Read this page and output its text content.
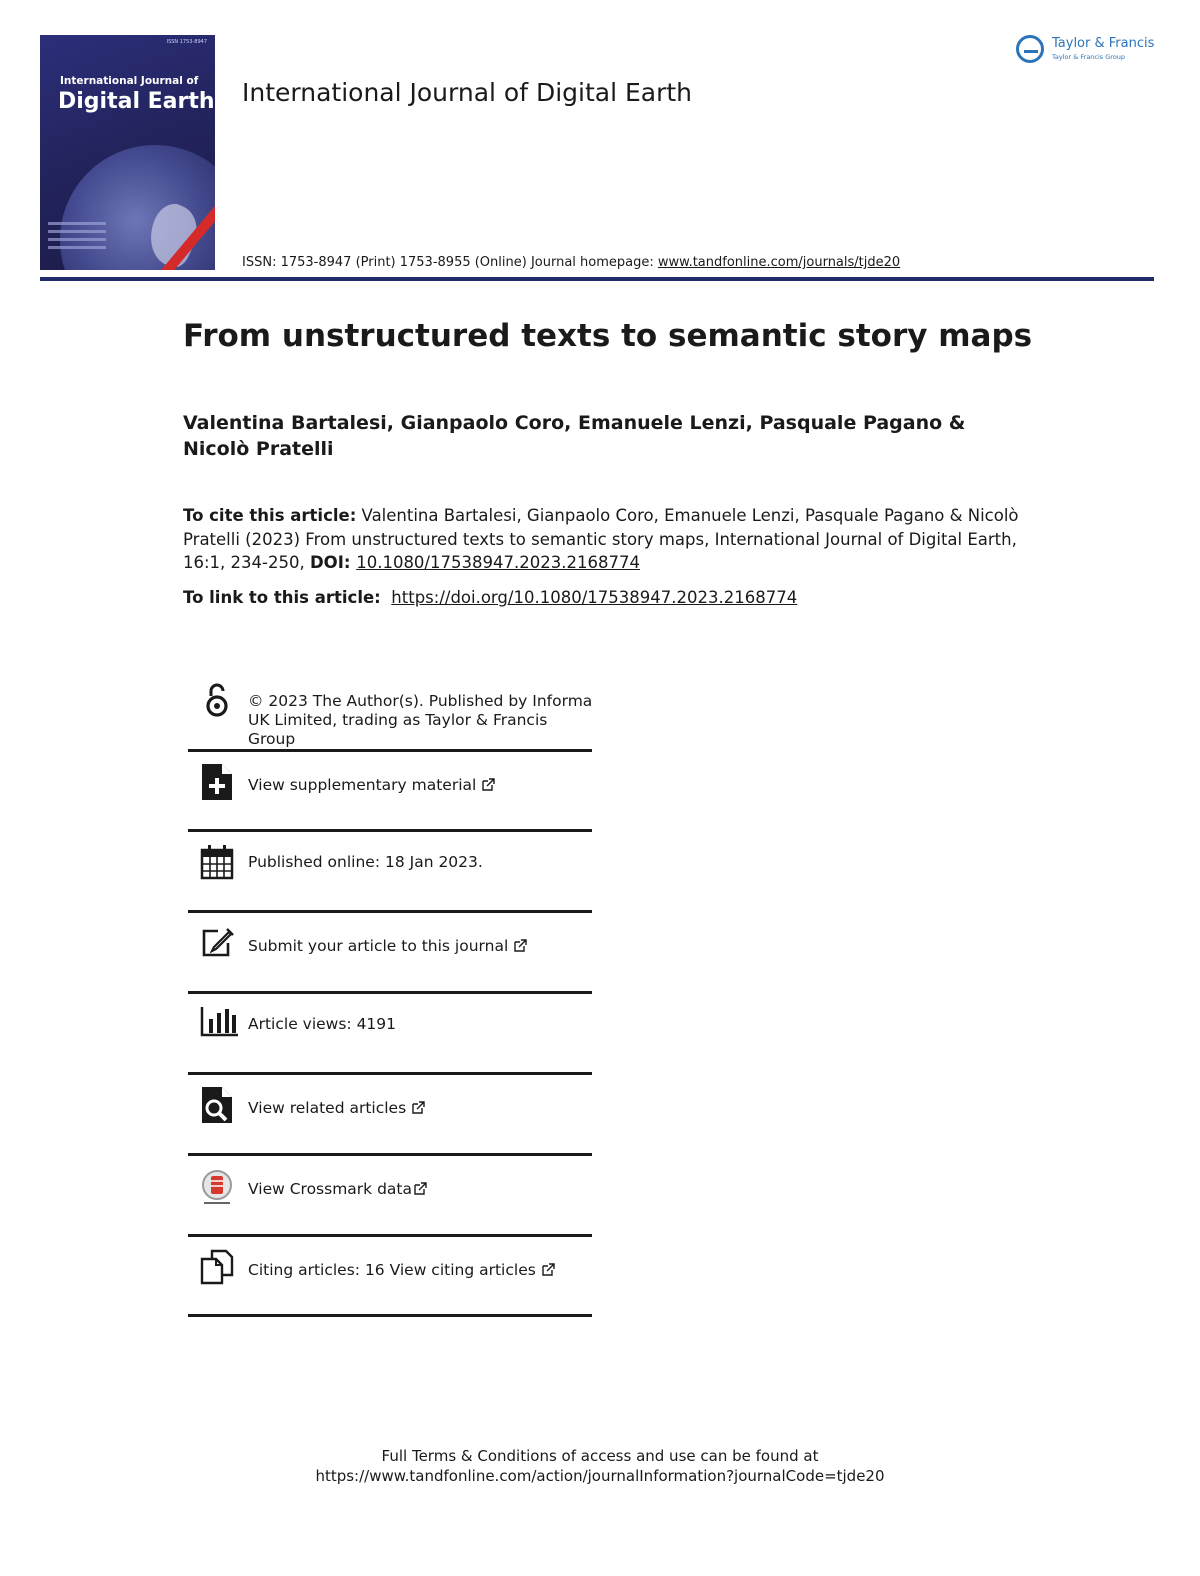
ISSN 1753-8947
International Journal of
Digital Earth International Journal of Digital Earth
Taylor & Francis
Taylor & Francis Group
ISSN: 1753-8947 (Print) 1753-8955 (Online) Journal homepage: www.tandfonline.com/journals/tjde20
From unstructured texts to semantic story maps
Valentina Bartalesi, Gianpaolo Coro, Emanuele Lenzi, Pasquale Pagano & Nicolò Pratelli
To cite this article: Valentina Bartalesi, Gianpaolo Coro, Emanuele Lenzi, Pasquale Pagano & Nicolò Pratelli (2023) From unstructured texts to semantic story maps, International Journal of Digital Earth, 16:1, 234-250, DOI: 10.1080/17538947.2023.2168774
To link to this article: https://doi.org/10.1080/17538947.2023.2168774
© 2023 The Author(s). Published by Informa UK Limited, trading as Taylor & Francis Group
View supplementary material
Published online: 18 Jan 2023.
Submit your article to this journal
Article views: 4191
View related articles
View Crossmark data
Citing articles: 16 View citing articles
Full Terms & Conditions of access and use can be found at
https://www.tandfonline.com/action/journalInformation?journalCode=tjde20
